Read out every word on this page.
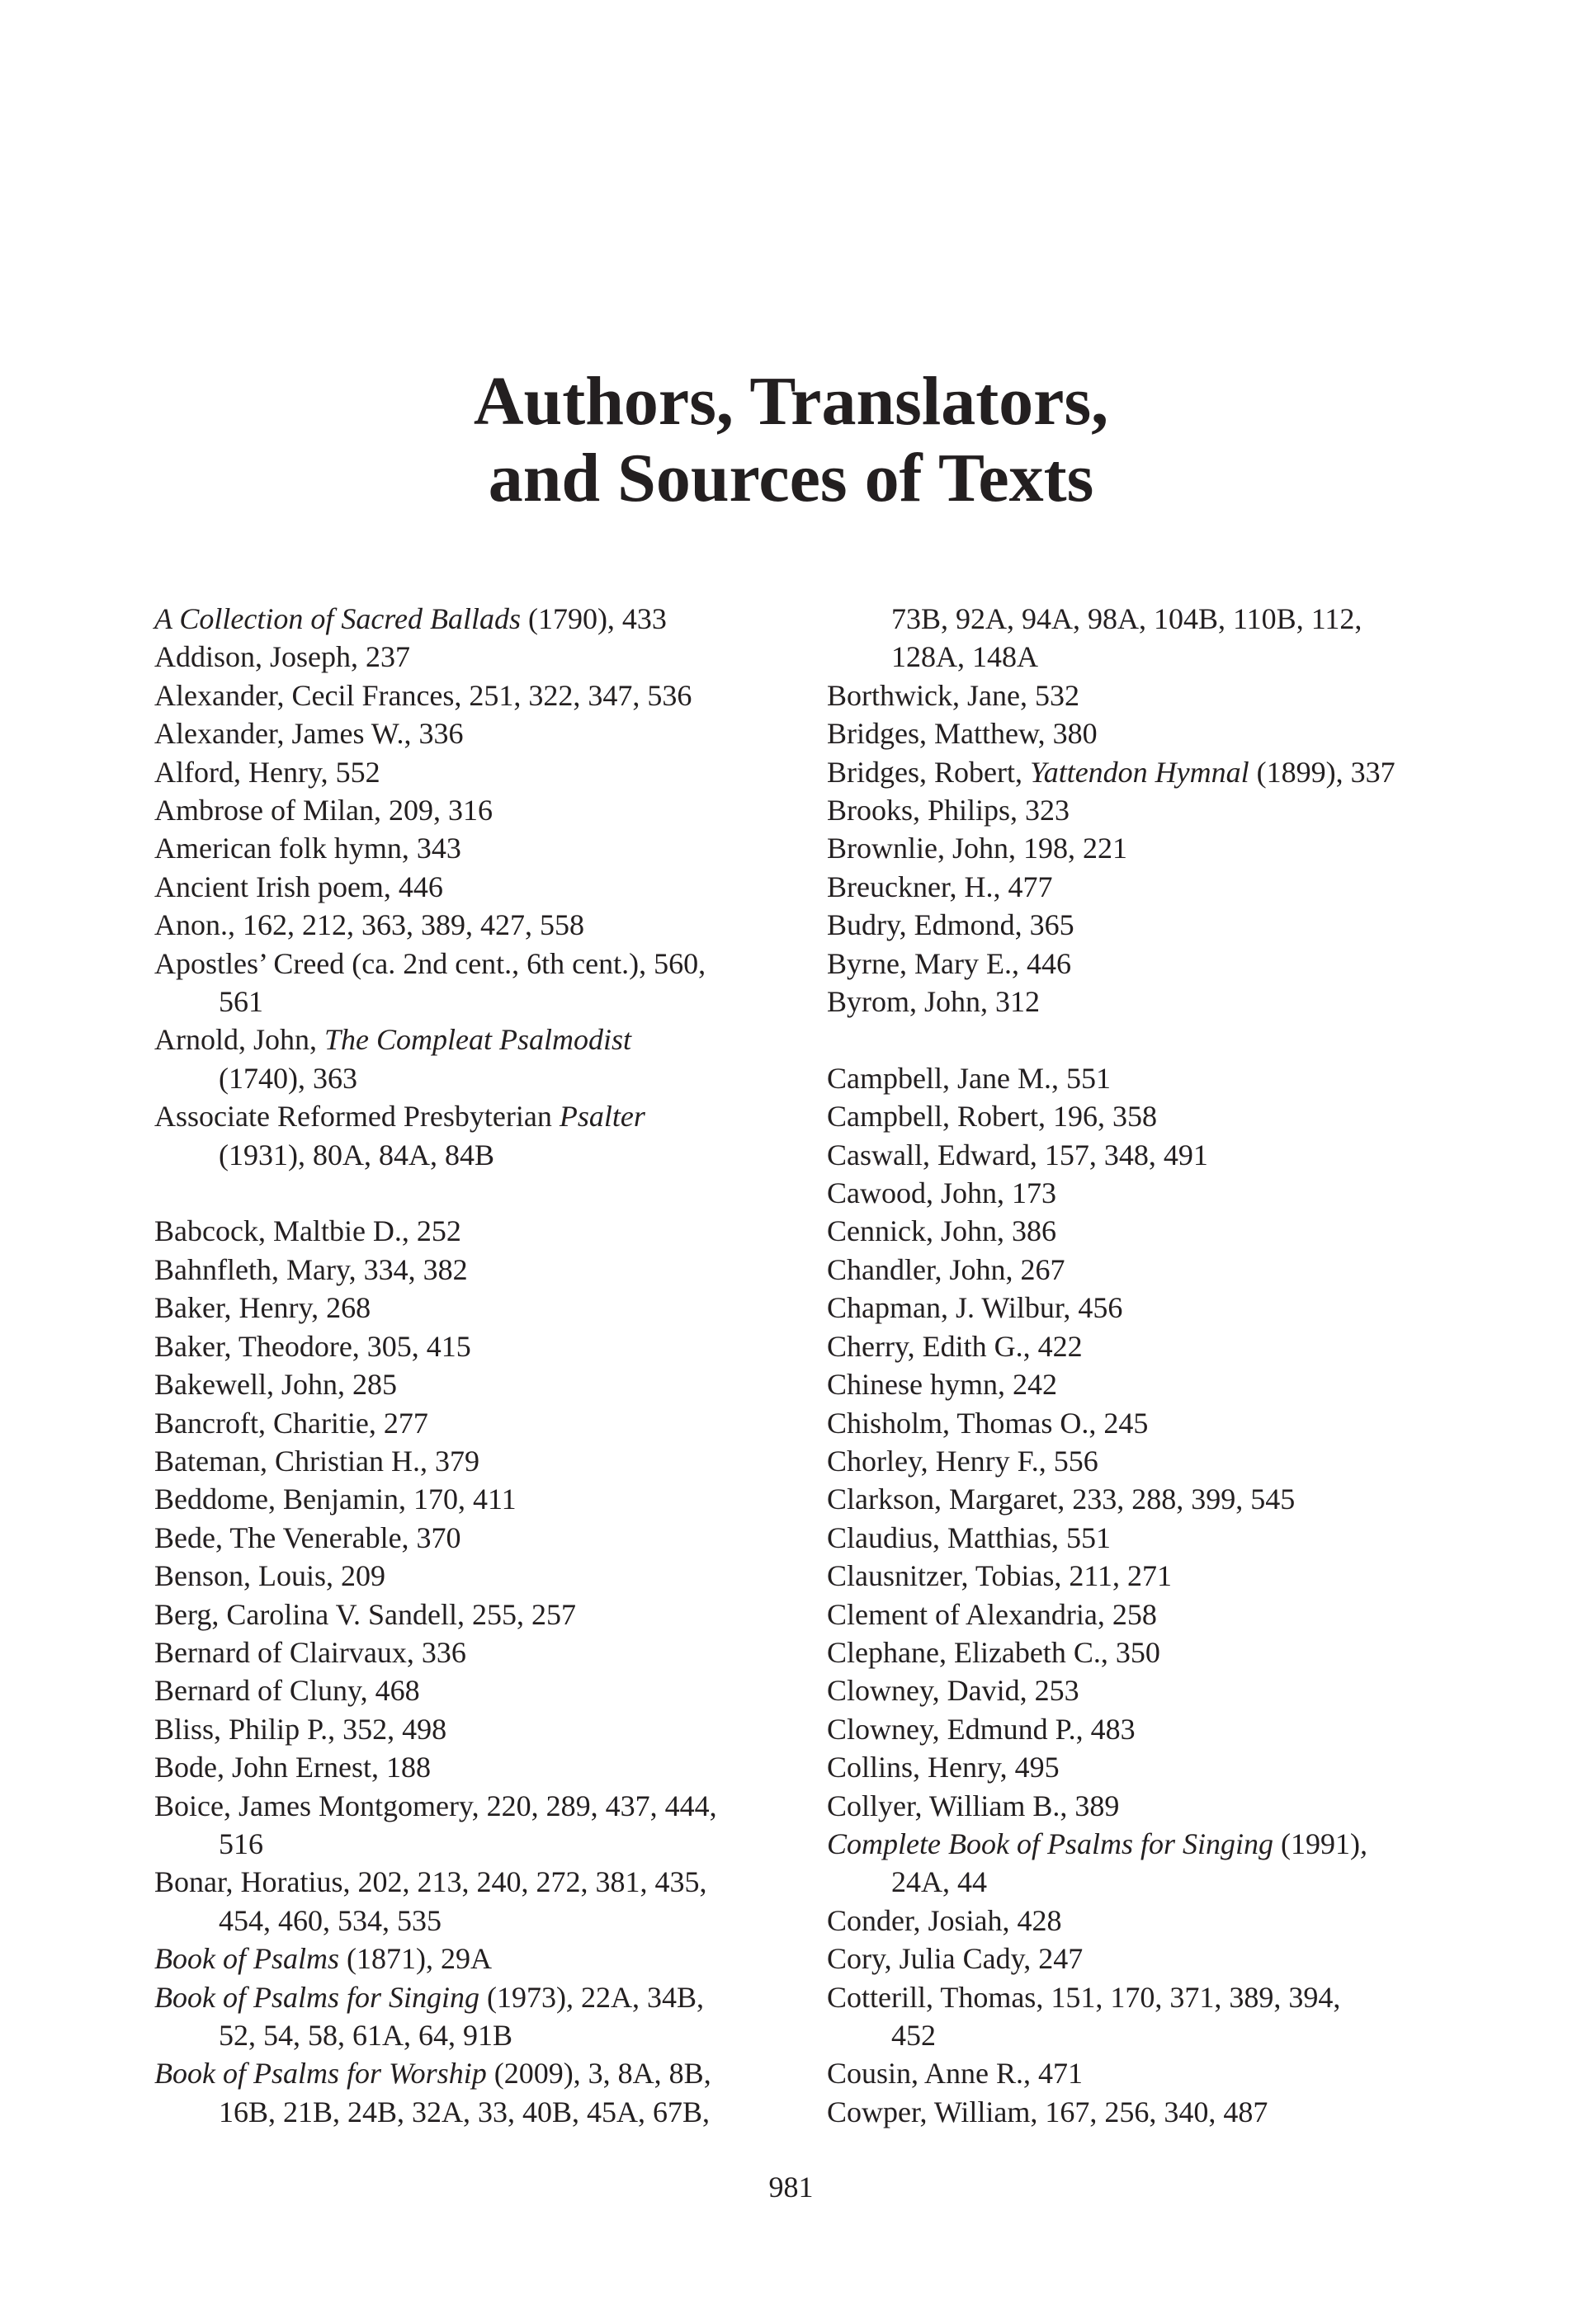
Authors, Translators,
and Sources of Texts
A Collection of Sacred Ballads (1790), 433
Addison, Joseph, 237
Alexander, Cecil Frances, 251, 322, 347, 536
Alexander, James W., 336
Alford, Henry, 552
Ambrose of Milan, 209, 316
American folk hymn, 343
Ancient Irish poem, 446
Anon., 162, 212, 363, 389, 427, 558
Apostles’ Creed (ca. 2nd cent., 6th cent.), 560,
561
Arnold, John, The Compleat Psalmodist
(1740), 363
Associate Reformed Presbyterian Psalter
(1931), 80A, 84A, 84B
Babcock, Maltbie D., 252
Bahnfleth, Mary, 334, 382
Baker, Henry, 268
Baker, Theodore, 305, 415
Bakewell, John, 285
Bancroft, Charitie, 277
Bateman, Christian H., 379
Beddome, Benjamin, 170, 411
Bede, The Venerable, 370
Benson, Louis, 209
Berg, Carolina V. Sandell, 255, 257
Bernard of Clairvaux, 336
Bernard of Cluny, 468
Bliss, Philip P., 352, 498
Bode, John Ernest, 188
Boice, James Montgomery, 220, 289, 437, 444,
516
Bonar, Horatius, 202, 213, 240, 272, 381, 435,
454, 460, 534, 535
Book of Psalms (1871), 29A
Book of Psalms for Singing (1973), 22A, 34B,
52, 54, 58, 61A, 64, 91B
Book of Psalms for Worship (2009), 3, 8A, 8B,
16B, 21B, 24B, 32A, 33, 40B, 45A, 67B,
73B, 92A, 94A, 98A, 104B, 110B, 112,
128A, 148A
Borthwick, Jane, 532
Bridges, Matthew, 380
Bridges, Robert, Yattendon Hymnal (1899), 337
Brooks, Philips, 323
Brownlie, John, 198, 221
Breuckner, H., 477
Budry, Edmond, 365
Byrne, Mary E., 446
Byrom, John, 312
Campbell, Jane M., 551
Campbell, Robert, 196, 358
Caswall, Edward, 157, 348, 491
Cawood, John, 173
Cennick, John, 386
Chandler, John, 267
Chapman, J. Wilbur, 456
Cherry, Edith G., 422
Chinese hymn, 242
Chisholm, Thomas O., 245
Chorley, Henry F., 556
Clarkson, Margaret, 233, 288, 399, 545
Claudius, Matthias, 551
Clausnitzer, Tobias, 211, 271
Clement of Alexandria, 258
Clephane, Elizabeth C., 350
Clowney, David, 253
Clowney, Edmund P., 483
Collins, Henry, 495
Collyer, William B., 389
Complete Book of Psalms for Singing (1991),
24A, 44
Conder, Josiah, 428
Cory, Julia Cady, 247
Cotterill, Thomas, 151, 170, 371, 389, 394,
452
Cousin, Anne R., 471
Cowper, William, 167, 256, 340, 487
981
